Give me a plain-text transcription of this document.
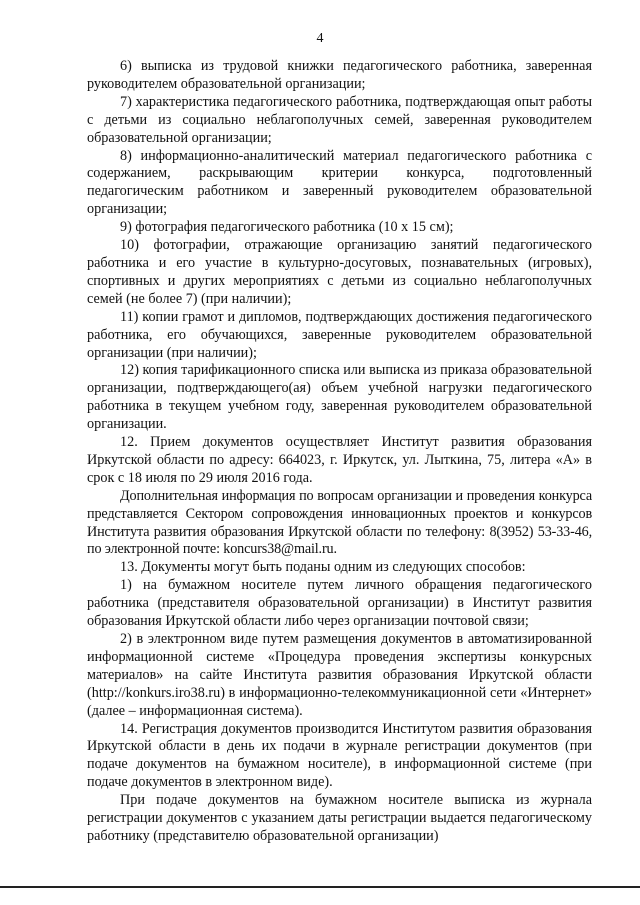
4

6) выписка из трудовой книжки педагогического работника, заверенная руководителем образовательной организации;

7) характеристика педагогического работника, подтверждающая опыт работы с детьми из социально неблагополучных семей, заверенная руководителем образовательной организации;

8) информационно-аналитический материал педагогического работника с содержанием, раскрывающим критерии конкурса, подготовленный педагогическим работником и заверенный руководителем образовательной организации;

9) фотография педагогического работника (10 х 15 см);

10) фотографии, отражающие организацию занятий педагогического работника и его участие в культурно-досуговых, познавательных (игровых), спортивных и других мероприятиях с детьми из социально неблагополучных семей (не более 7) (при наличии);

11) копии грамот и дипломов, подтверждающих достижения педагогического работника, его обучающихся, заверенные руководителем образовательной организации (при наличии);

12) копия тарификационного списка или выписка из приказа образовательной организации, подтверждающего(ая) объем учебной нагрузки педагогического работника в текущем учебном году, заверенная руководителем образовательной организации.

12. Прием документов осуществляет Институт развития образования Иркутской области по адресу: 664023, г. Иркутск, ул. Лыткина, 75, литера «А» в срок с 18 июля по 29 июля 2016 года.

Дополнительная информация по вопросам организации и проведения конкурса представляется Сектором сопровождения инновационных проектов и конкурсов Института развития образования Иркутской области по телефону: 8(3952) 53-33-46, по электронной почте: koncurs38@mail.ru.

13. Документы могут быть поданы одним из следующих способов:

1) на бумажном носителе путем личного обращения педагогического работника (представителя образовательной организации) в Институт развития образования Иркутской области либо через организации почтовой связи;

2) в электронном виде путем размещения документов в автоматизированной информационной системе «Процедура проведения экспертизы конкурсных материалов» на сайте Института развития образования Иркутской области (http://konkurs.iro38.ru) в информационно-телекоммуникационной сети «Интернет» (далее – информационная система).

14. Регистрация документов производится Институтом развития образования Иркутской области в день их подачи в журнале регистрации документов (при подаче документов на бумажном носителе), в информационной системе (при подаче документов в электронном виде).

При подаче документов на бумажном носителе выписка из журнала регистрации документов с указанием даты регистрации выдается педагогическому работнику (представителю образовательной организации)
